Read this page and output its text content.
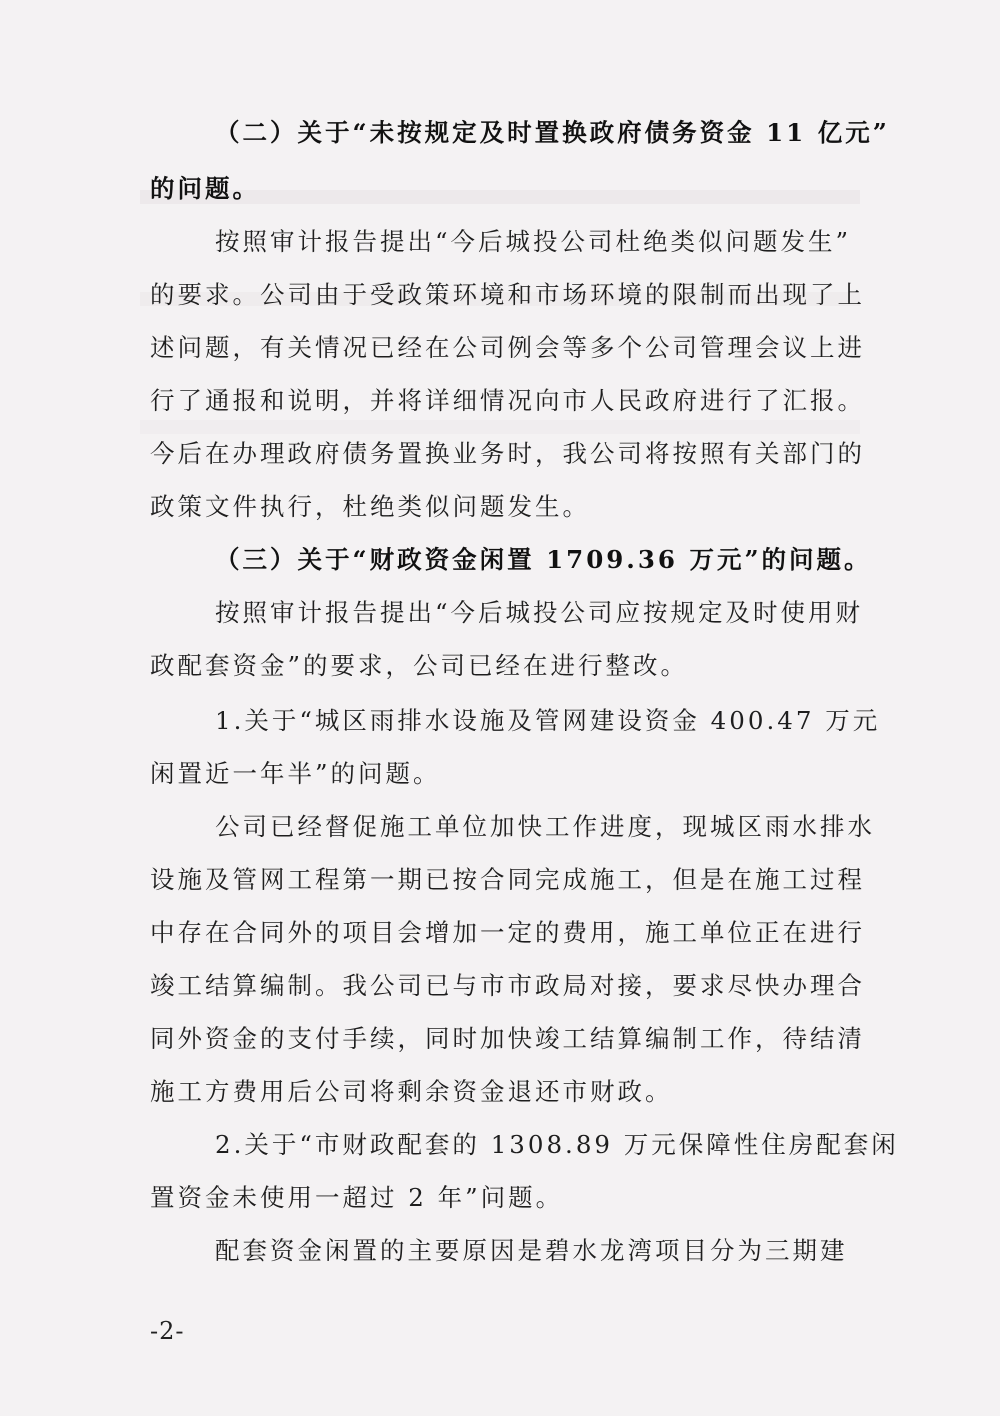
（二）关于“未按规定及时置换政府债务资金 11 亿元”
的问题。
按照审计报告提出“今后城投公司杜绝类似问题发生”
的要求。公司由于受政策环境和市场环境的限制而出现了上
述问题，有关情况已经在公司例会等多个公司管理会议上进
行了通报和说明，并将详细情况向市人民政府进行了汇报。
今后在办理政府债务置换业务时，我公司将按照有关部门的
政策文件执行，杜绝类似问题发生。
（三）关于“财政资金闲置 1709.36 万元”的问题。
按照审计报告提出“今后城投公司应按规定及时使用财
政配套资金”的要求，公司已经在进行整改。
1.关于“城区雨排水设施及管网建设资金 400.47 万元
闲置近一年半”的问题。
公司已经督促施工单位加快工作进度，现城区雨水排水
设施及管网工程第一期已按合同完成施工，但是在施工过程
中存在合同外的项目会增加一定的费用，施工单位正在进行
竣工结算编制。我公司已与市市政局对接，要求尽快办理合
同外资金的支付手续，同时加快竣工结算编制工作，待结清
施工方费用后公司将剩余资金退还市财政。
2.关于“市财政配套的 1308.89 万元保障性住房配套闲
置资金未使用一超过 2 年”问题。
配套资金闲置的主要原因是碧水龙湾项目分为三期建
-2-
